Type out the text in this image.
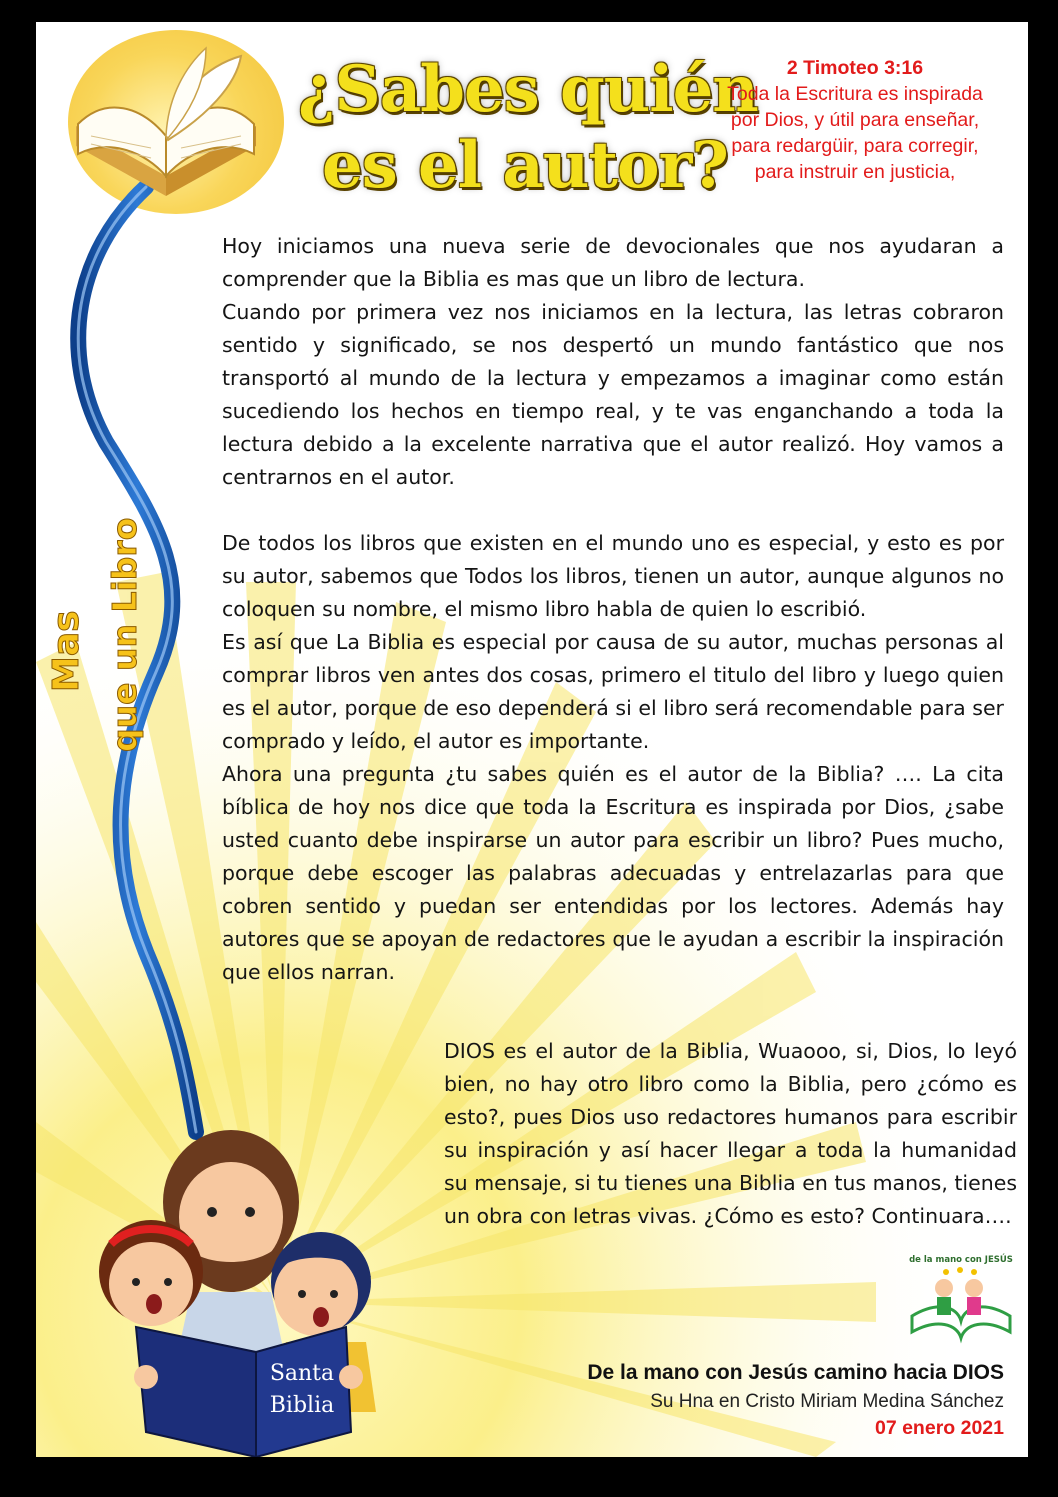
¿Sabes quién
es el autor?
2 Timoteo 3:16
Toda la Escritura es inspirada
por Dios, y útil para enseñar,
para redargüir, para corregir,
para instruir en justicia,
Mas que un Libro

Hoy iniciamos una nueva serie de devocionales que nos ayudaran a comprender que la Biblia es mas que un libro de lectura.

Cuando por primera vez nos iniciamos en la lectura, las letras cobraron sentido y significado, se nos despertó un mundo fantástico que nos transportó al mundo de la lectura y empezamos a imaginar como están sucediendo los hechos en tiempo real, y te vas enganchando a toda la lectura debido a la excelente narrativa que el autor realizó. Hoy vamos a centrarnos en el autor.

De todos los libros que existen en el mundo uno es especial, y esto es por su autor, sabemos que Todos los libros, tienen un autor, aunque algunos no coloquen su nombre, el mismo libro habla de quien lo escribió.

Es así que La Biblia es especial por causa de su autor, muchas personas al comprar libros ven antes dos cosas, primero el titulo del libro y luego quien es el autor, porque de eso dependerá si el libro será recomendable para ser comprado y leído, el autor es importante.

Ahora una pregunta ¿tu sabes quién es el autor de la Biblia? …. La cita bíblica de hoy nos dice que toda la Escritura es inspirada por Dios, ¿sabe usted cuanto debe inspirarse un autor para escribir un libro? Pues mucho, porque debe escoger las palabras adecuadas y entrelazarlas para que cobren sentido y puedan ser entendidas por los lectores. Además hay autores que se apoyan de redactores que le ayudan a escribir la inspiración que ellos narran.

DIOS es el autor de la Biblia, Wuaooo, si, Dios, lo leyó bien, no hay otro libro como la Biblia, pero ¿cómo es esto?, pues Dios uso redactores humanos para escribir su inspiración y así hacer llegar a toda la humanidad su mensaje, si tu tienes una Biblia en tus manos, tienes un obra con letras vivas. ¿Cómo es esto? Continuara….

Santa
Biblia
de la mano con JESÚS
De la mano con Jesús camino hacia DIOS
Su Hna en Cristo Miriam Medina Sánchez
07 enero 2021
